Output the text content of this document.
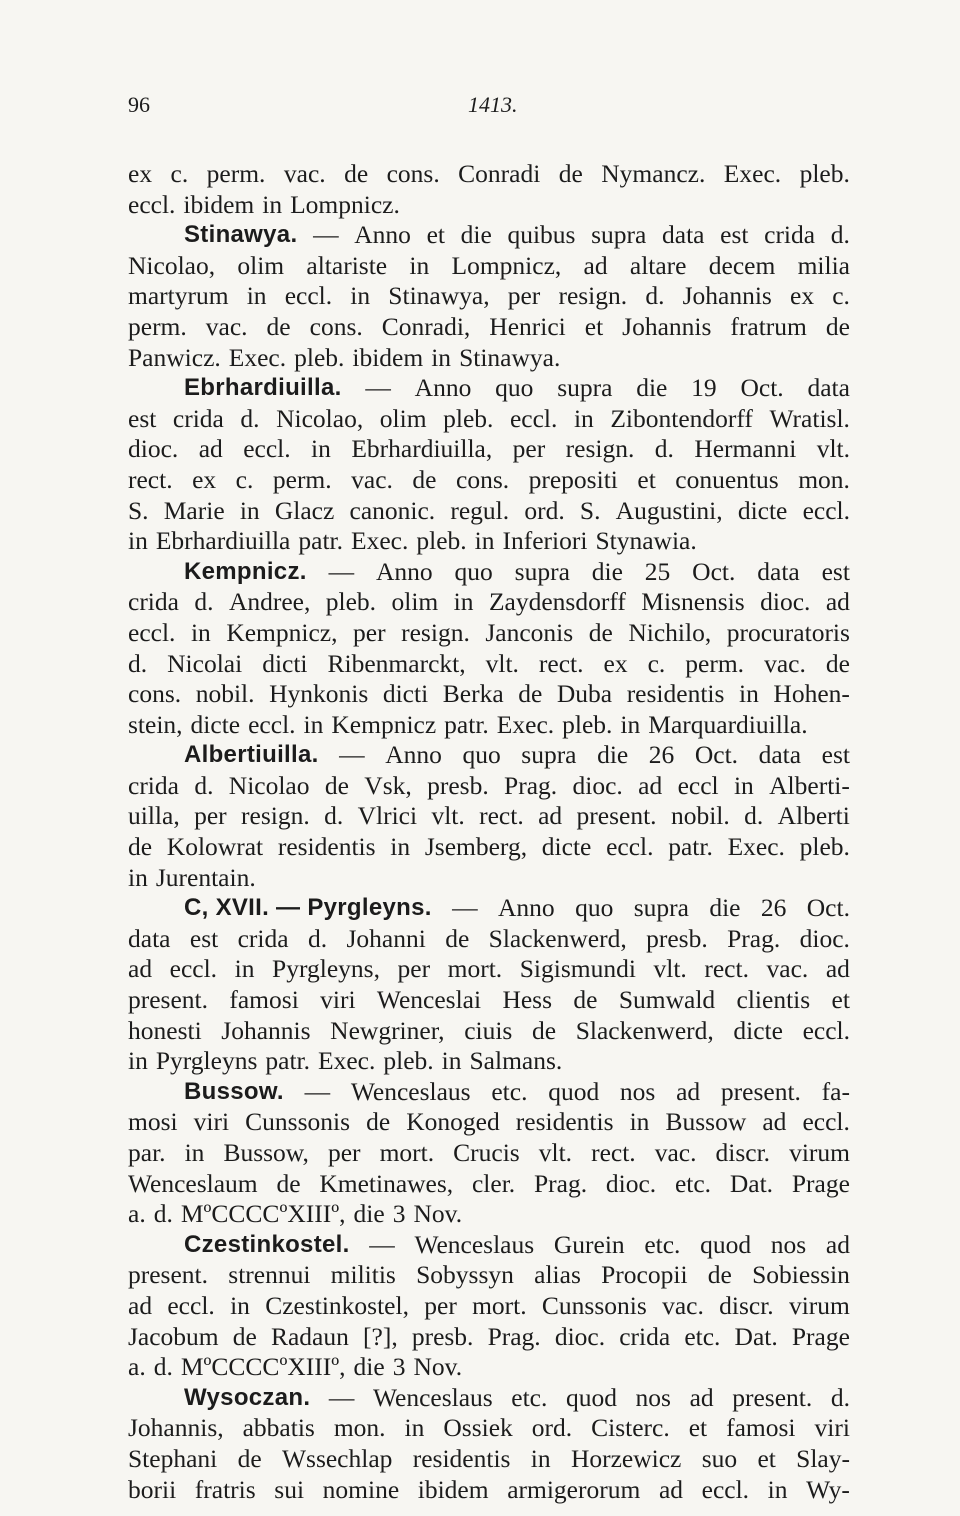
96	1413.
ex c. perm. vac. de cons. Conradi de Nymancz. Exec. pleb.
eccl. ibidem in Lompnicz.
Stinawya. — Anno et die quibus supra data est crida d.
Nicolao, olim altariste in Lompnicz, ad altare decem milia
martyrum in eccl. in Stinawya, per resign. d. Johannis ex c.
perm. vac. de cons. Conradi, Henrici et Johannis fratrum de
Panwicz. Exec. pleb. ibidem in Stinawya.
Ebrhardiuilla. — Anno quo supra die 19 Oct. data
est crida d. Nicolao, olim pleb. eccl. in Zibontendorff Wratisl.
dioc. ad eccl. in Ebrhardiuilla, per resign. d. Hermanni vlt.
rect. ex c. perm. vac. de cons. prepositi et conuentus mon.
S. Marie in Glacz canonic. regul. ord. S. Augustini, dicte eccl.
in Ebrhardiuilla patr. Exec. pleb. in Inferiori Stynawia.
Kempnicz. — Anno quo supra die 25 Oct. data est
crida d. Andree, pleb. olim in Zaydensdorff Misnensis dioc. ad
eccl. in Kempnicz, per resign. Janconis de Nichilo, procuratoris
d. Nicolai dicti Ribenmarckt, vlt. rect. ex c. perm. vac. de
cons. nobil. Hynkonis dicti Berka de Duba residentis in Hohen-
stein, dicte eccl. in Kempnicz patr. Exec. pleb. in Marquardiuilla.
Albertiuilla. — Anno quo supra die 26 Oct. data est
crida d. Nicolao de Vsk, presb. Prag. dioc. ad eccl in Alberti-
uilla, per resign. d. Vlrici vlt. rect. ad present. nobil. d. Alberti
de Kolowrat residentis in Jsemberg, dicte eccl. patr. Exec. pleb.
in Jurentain.
C, XVII. — Pyrgleyns. — Anno quo supra die 26 Oct.
data est crida d. Johanni de Slackenwerd, presb. Prag. dioc.
ad eccl. in Pyrgleyns, per mort. Sigismundi vlt. rect. vac. ad
present. famosi viri Wenceslai Hess de Sumwald clientis et
honesti Johannis Newgriner, ciuis de Slackenwerd, dicte eccl.
in Pyrgleyns patr. Exec. pleb. in Salmans.
Bussow. — Wenceslaus etc. quod nos ad present. fa-
mosi viri Cunssonis de Konoged residentis in Bussow ad eccl.
par. in Bussow, per mort. Crucis vlt. rect. vac. discr. virum
Wenceslaum de Kmetinawes, cler. Prag. dioc. etc. Dat. Prage
a. d. MºCCCCºXIIIº, die 3 Nov.
Czestinkostel. — Wenceslaus Gurein etc. quod nos ad
present. strennui militis Sobyssyn alias Procopii de Sobiessin
ad eccl. in Czestinkostel, per mort. Cunssonis vac. discr. virum
Jacobum de Radaun [?], presb. Prag. dioc. crida etc. Dat. Prage
a. d. MºCCCCºXIIIº, die 3 Nov.
Wysoczan. — Wenceslaus etc. quod nos ad present. d.
Johannis, abbatis mon. in Ossiek ord. Cisterc. et famosi viri
Stephani de Wssechlap residentis in Horzewicz suo et Slay-
borii fratris sui nomine ibidem armigerorum ad eccl. in Wy-
